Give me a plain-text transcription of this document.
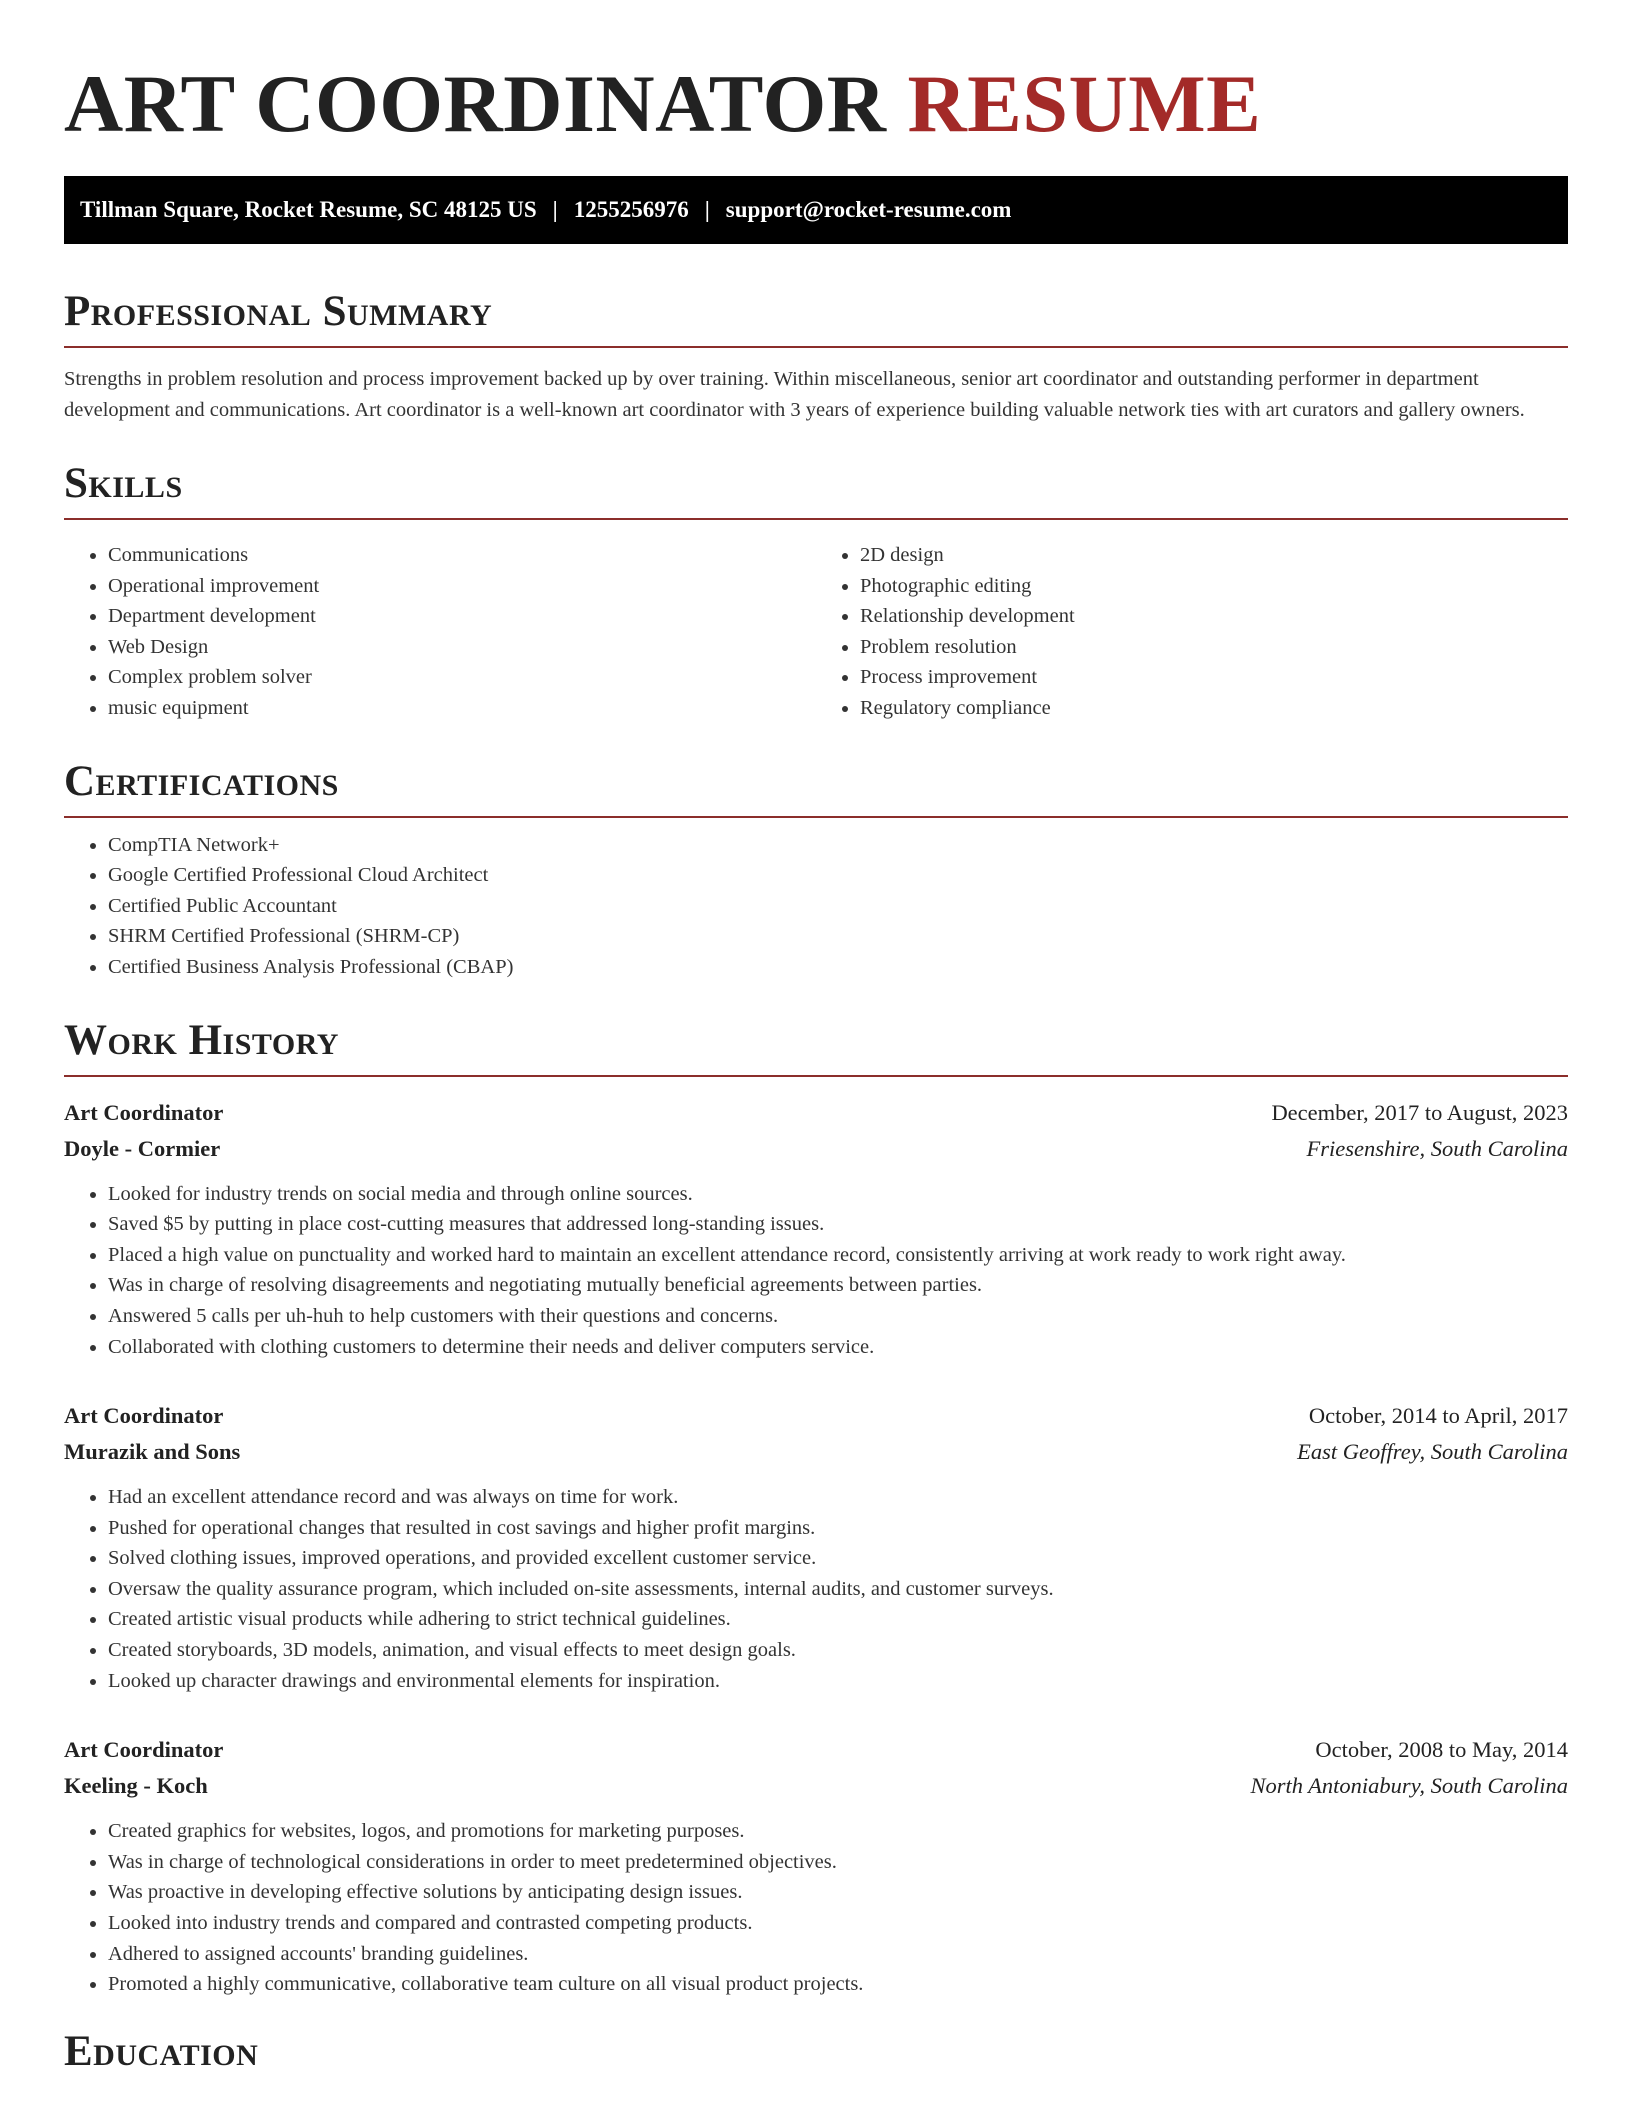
ART COORDINATOR RESUME
Tillman Square, Rocket Resume, SC 48125 US | 1255256976 | support@rocket-resume.com
Professional Summary

Strengths in problem resolution and process improvement backed up by over training. Within miscellaneous, senior art coordinator and outstanding performer in department development and communications. Art coordinator is a well-known art coordinator with 3 years of experience building valuable network ties with art curators and gallery owners.

Skills
• Communications
• Operational improvement
• Department development
• Web Design
• Complex problem solver
• music equipment
• 2D design
• Photographic editing
• Relationship development
• Problem resolution
• Process improvement
• Regulatory compliance
Certifications
• CompTIA Network+
• Google Certified Professional Cloud Architect
• Certified Public Accountant
• SHRM Certified Professional (SHRM-CP)
• Certified Business Analysis Professional (CBAP)
Work History
Art Coordinator	December, 2017 to August, 2023
Doyle - Cormier	Friesenshire, South Carolina
• Looked for industry trends on social media and through online sources.
• Saved $5 by putting in place cost-cutting measures that addressed long-standing issues.
• Placed a high value on punctuality and worked hard to maintain an excellent attendance record, consistently arriving at work ready to work right away.
• Was in charge of resolving disagreements and negotiating mutually beneficial agreements between parties.
• Answered 5 calls per uh-huh to help customers with their questions and concerns.
• Collaborated with clothing customers to determine their needs and deliver computers service.
Art Coordinator	October, 2014 to April, 2017
Murazik and Sons	East Geoffrey, South Carolina
• Had an excellent attendance record and was always on time for work.
• Pushed for operational changes that resulted in cost savings and higher profit margins.
• Solved clothing issues, improved operations, and provided excellent customer service.
• Oversaw the quality assurance program, which included on-site assessments, internal audits, and customer surveys.
• Created artistic visual products while adhering to strict technical guidelines.
• Created storyboards, 3D models, animation, and visual effects to meet design goals.
• Looked up character drawings and environmental elements for inspiration.
Art Coordinator	October, 2008 to May, 2014
Keeling - Koch	North Antoniabury, South Carolina
• Created graphics for websites, logos, and promotions for marketing purposes.
• Was in charge of technological considerations in order to meet predetermined objectives.
• Was proactive in developing effective solutions by anticipating design issues.
• Looked into industry trends and compared and contrasted competing products.
• Adhered to assigned accounts' branding guidelines.
• Promoted a highly communicative, collaborative team culture on all visual product projects.
Education
